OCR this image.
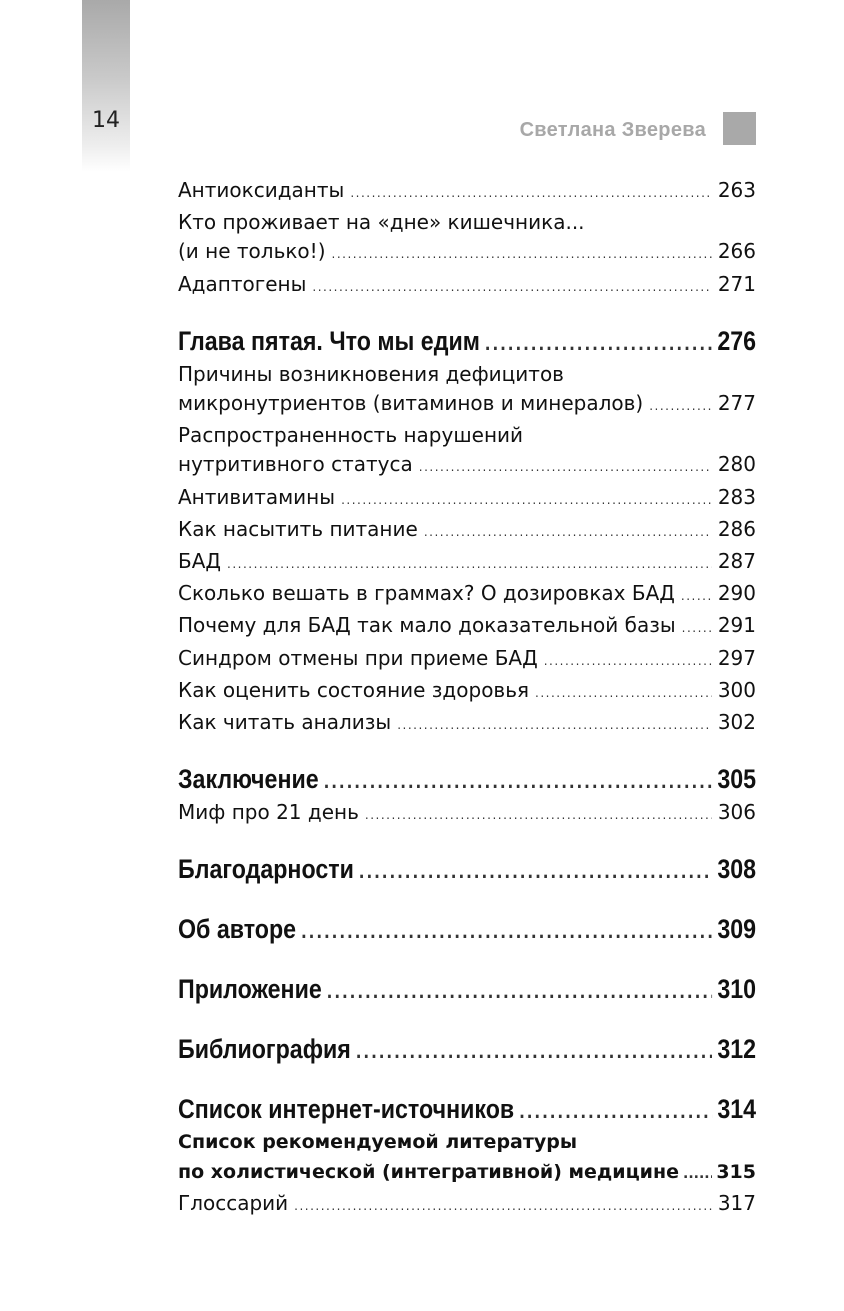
14	Светлана Зверева
Антиоксиданты .....	263
Кто проживает на «дне» кишечника...
(и не только!) .....	266
Адаптогены .....	271
Глава пятая. Что мы едим .....	276
Причины возникновения дефицитов
микронутриентов (витаминов и минералов) .....	277
Распространенность нарушений
нутритивного статуса .....	280
Антивитамины .....	283
Как насытить питание .....	286
БАД .....	287
Сколько вешать в граммах? О дозировках БАД ..... 290
Почему для БАД так мало доказательной базы ..... 291
Синдром отмены при приеме БАД .....	297
Как оценить состояние здоровья .....	300
Как читать анализы .....	302
Заключение .....	305
Миф про 21 день .....	306
Благодарности .....	308
Об авторе .....	309
Приложение .....	310
Библиография .....	312
Список интернет-источников .....	314
Список рекомендуемой литературы
по холистической (интегративной) медицине ..... 315
Глоссарий .....	317
